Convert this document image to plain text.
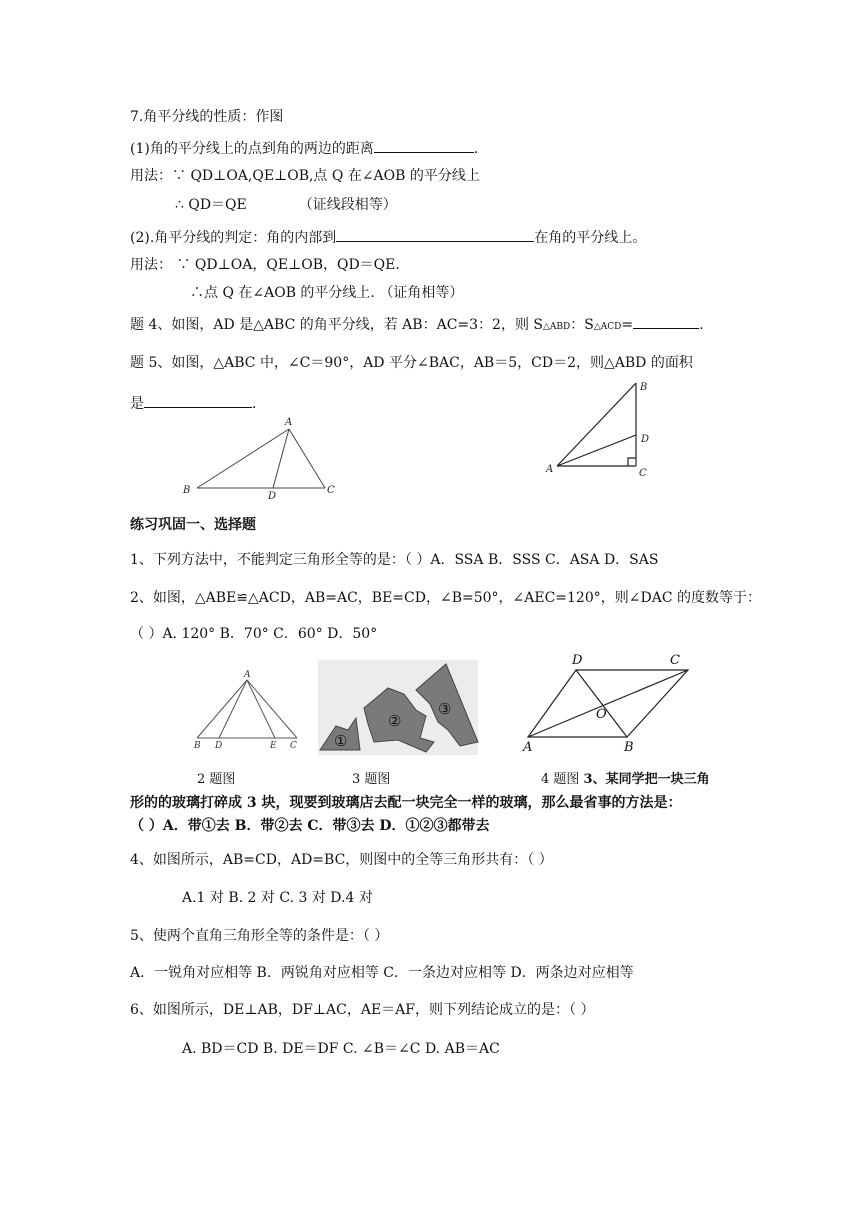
7.角平分线的性质：作图
(1)角的平分线上的点到角的两边的距离	.
用法：∵ QD⊥OA,QE⊥OB,点 Q 在∠AOB 的平分线上
∴ QD＝QE	（证线段相等）
(2).角平分线的判定：角的内部到	在角的平分线上。
用法： ∵ QD⊥OA，QE⊥OB，QD＝QE.
∴点 Q 在∠AOB 的平分线上. （证角相等）
题 4、如图，AD 是△ABC 的角平分线，若 AB：AC=3：2，则 S△ABD：S△ACD=	.
题 5、如图，△ABC 中，∠C＝90°，AD 平分∠BAC，AB＝5，CD＝2，则△ABD 的面积
是	.
A
B
D
C
B
D
A	C
A
B D	E C ①
②
③
D	C
O
A	B
练习巩固一、选择题
1、下列方法中，不能判定三角形全等的是：（ ）A．SSA B．SSS C．ASA D．SAS
2、如图，△ABE≌△ACD，AB=AC，BE=CD，∠B=50°，∠AEC=120°，则∠DAC 的度数等于：
（ ）A. 120° B．70° C．60° D．50°
2 题图	3 题图	4 题图 3、某同学把一块三角
形的的玻璃打碎成 3 块，现要到玻璃店去配一块完全一样的玻璃，那么最省事的方法是：
（ ）A．带①去 B．带②去 C．带③去 D．①②③都带去
4、如图所示，AB=CD，AD=BC，则图中的全等三角形共有：（ ）
A.1 对 B. 2 对 C. 3 对 D.4 对
5、使两个直角三角形全等的条件是：（ ）
A．一锐角对应相等 B．两锐角对应相等 C．一条边对应相等 D．两条边对应相等
6、如图所示，DE⊥AB，DF⊥AC，AE＝AF，则下列结论成立的是：（ ）
A. BD＝CD B. DE＝DF C. ∠B＝∠C D. AB＝AC
